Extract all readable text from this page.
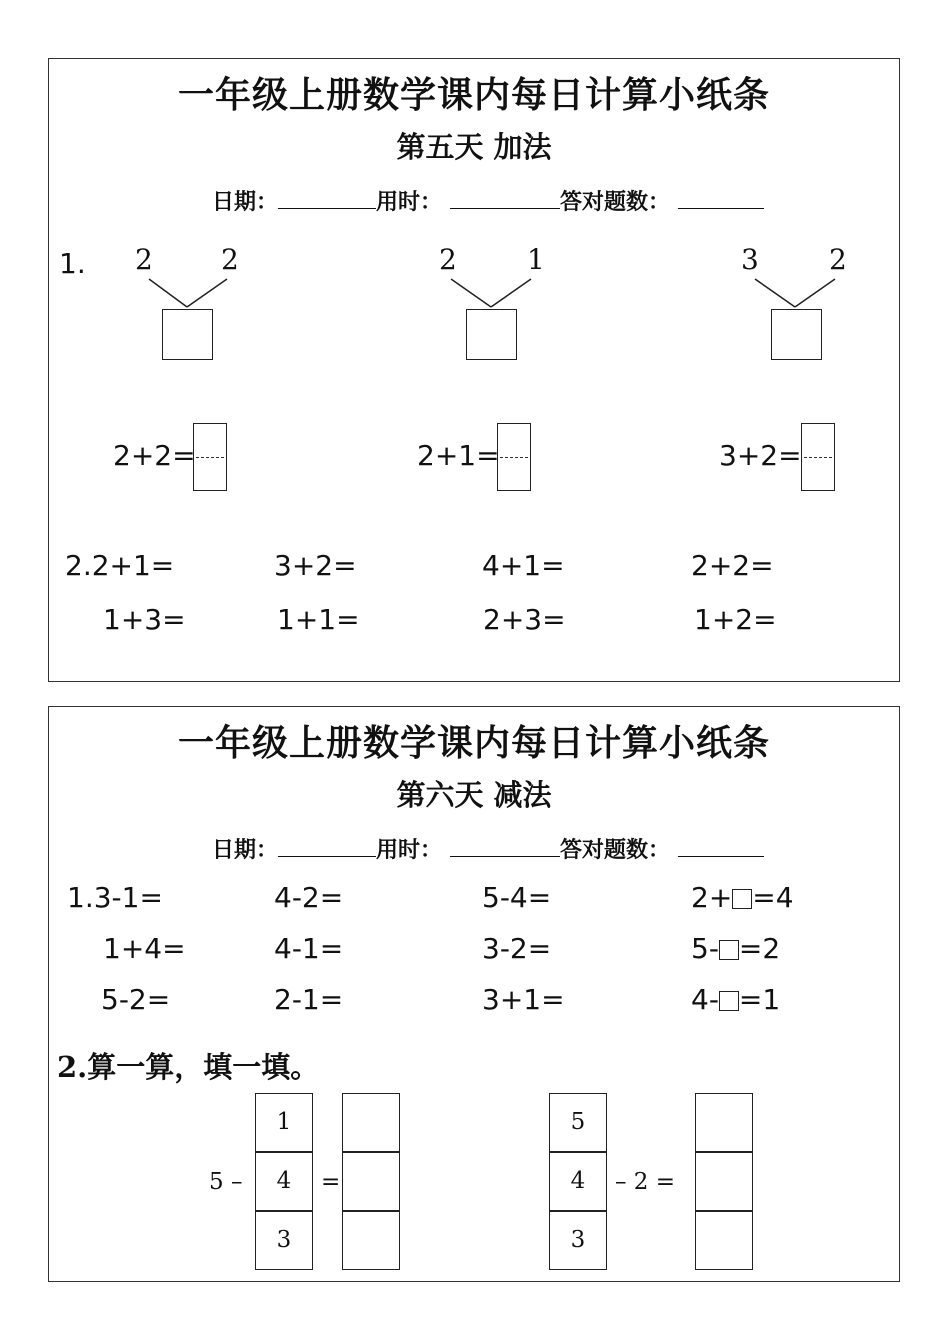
一年级上册数学课内每日计算小纸条
第五天 加法
日期：	用时：	答对题数：
1. 2 2	2	1	3	2
2+2=	2+1=	3+2=
2.2+1=	3+2=	4+1=	2+2=
1+3=	1+1=	2+3=	1+2=
一年级上册数学课内每日计算小纸条
第六天 减法
日期：	用时：	答对题数：
1.3-1=	4-2=	5-4=	2+ =4
1+4=	4-1=	3-2=	5- =2
5-2=	2-1=	3+1=	4- =1
2.算一算，填一填。
5 –
1
4
3
=
5
4
3
– 2 =
